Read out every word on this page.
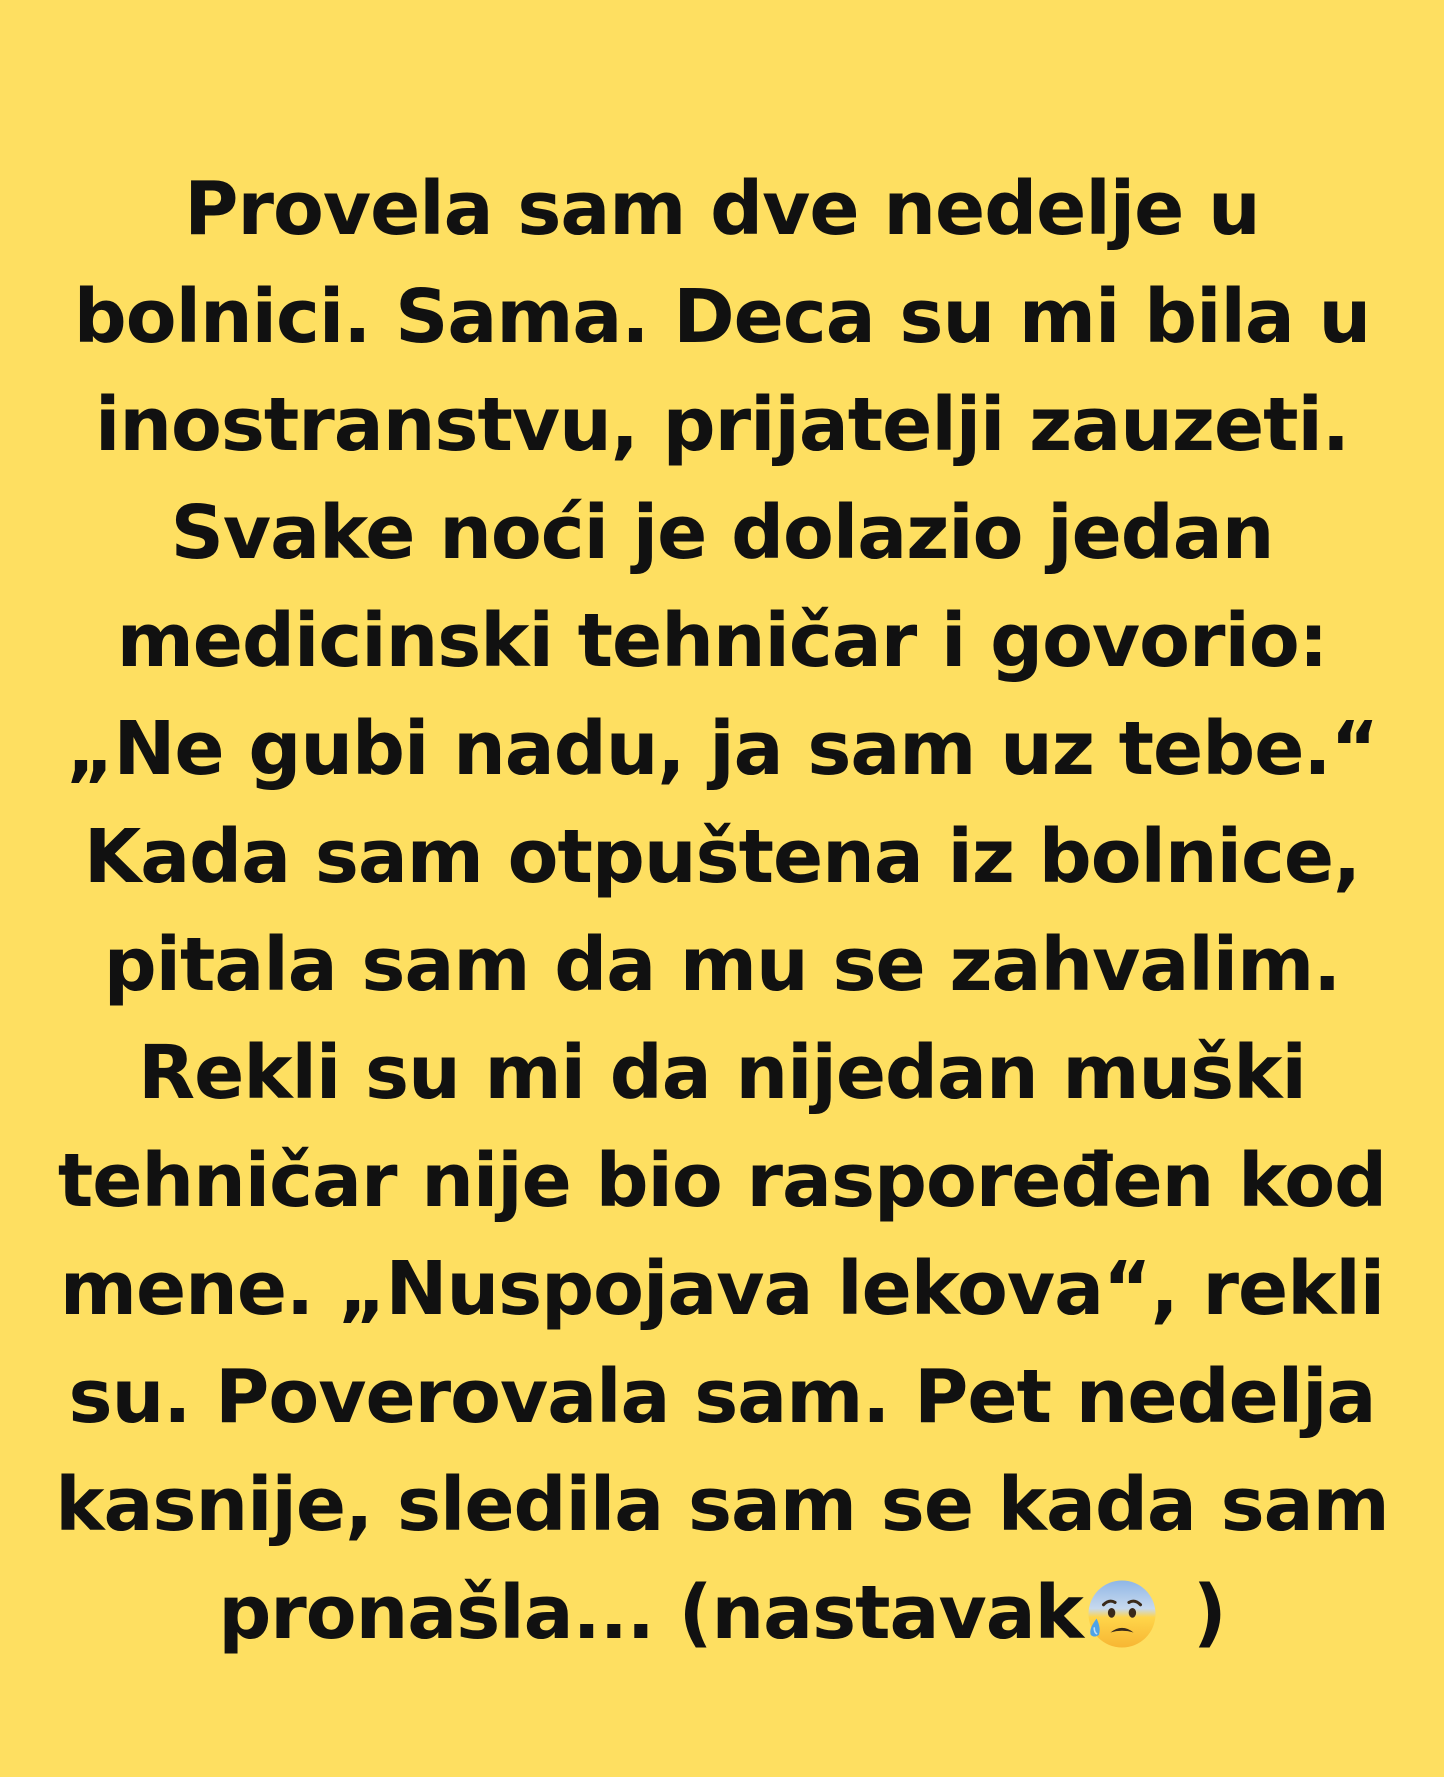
Provela sam dve nedelje u
bolnici. Sama. Deca su mi bila u
inostranstvu, prijatelji zauzeti.
Svake noći je dolazio jedan
medicinski tehničar i govorio:
„Ne gubi nadu, ja sam uz tebe.“
Kada sam otpuštena iz bolnice,
pitala sam da mu se zahvalim.
Rekli su mi da nijedan muški
tehničar nije bio raspoređen kod
mene. „Nuspojava lekova“, rekli
su. Poverovala sam. Pet nedelja
kasnije, sledila sam se kada sam
pronašla... (nastavak )
